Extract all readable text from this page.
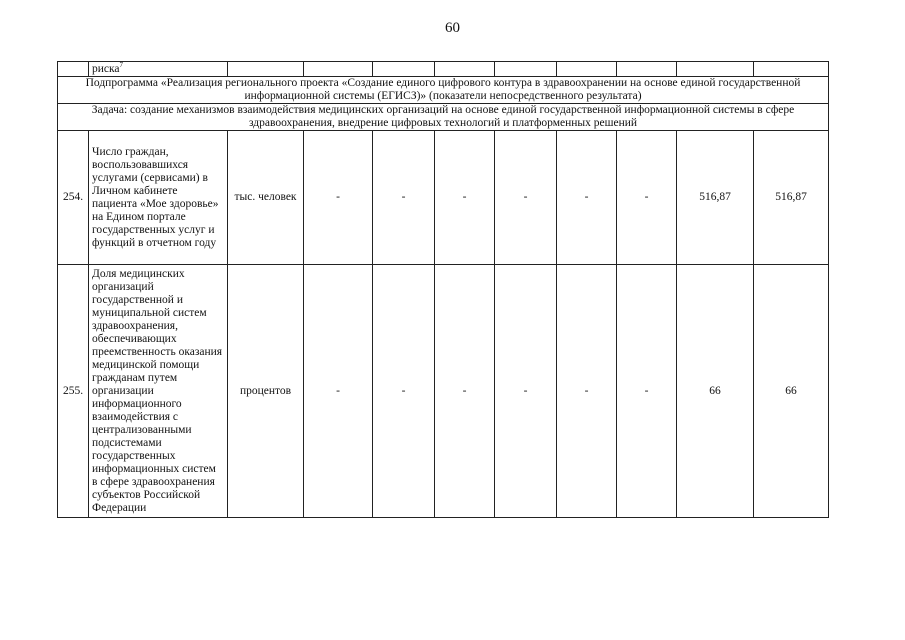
60
	риска$^7$									
Подпрограмма «Реализация регионального проекта «Создание единого цифрового контура в здравоохранении на основе единой государственной информационной системы (ЕГИСЗ)» (показатели непосредственного результата)										
Задача: создание механизмов взаимодействия медицинских организаций на основе единой государственной информационной системы в сфере здравоохранения, внедрение цифровых технологий и платформенных решений										
254.	Число граждан, воспользовавшихся услугами (сервисами) в Личном кабинете пациента «Мое здоровье» на Едином портале государственных услуг и функций в отчетном году	тыс. человек	-	-	-	-	-	-	516,87	516,87
255.	Доля медицинских организаций государственной и муниципальной систем здравоохранения, обеспечивающих преемственность оказания медицинской помощи гражданам путем организации информационного взаимодействия с централизованными подсистемами государственных информационных систем в сфере здравоохранения субъектов Российской Федерации	процентов	-	-	-	-	-	-	66	66
